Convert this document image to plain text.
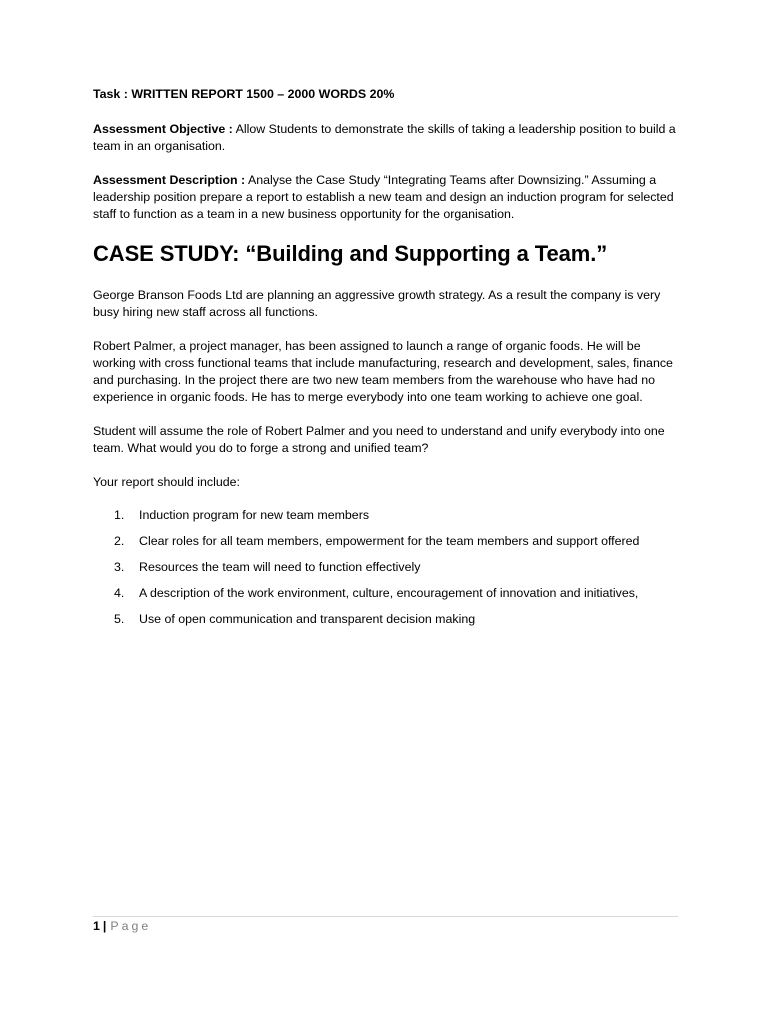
Task : WRITTEN REPORT 1500 – 2000 WORDS 20%

Assessment Objective : Allow Students to demonstrate the skills of taking a leadership position to build a team in an organisation.

Assessment Description : Analyse the Case Study “Integrating Teams after Downsizing.” Assuming a leadership position prepare a report to establish a new team and design an induction program for selected staff to function as a team in a new business opportunity for the organisation.

CASE STUDY: “Building and Supporting a Team.”

George Branson Foods Ltd are planning an aggressive growth strategy. As a result the company is very busy hiring new staff across all functions.

Robert Palmer, a project manager, has been assigned to launch a range of organic foods. He will be working with cross functional teams that include manufacturing, research and development, sales, finance and purchasing. In the project there are two new team members from the warehouse who have had no experience in organic foods. He has to merge everybody into one team working to achieve one goal.

Student will assume the role of Robert Palmer and you need to understand and unify everybody into one team. What would you do to forge a strong and unified team?

Your report should include:

1. Induction program for new team members
2. Clear roles for all team members, empowerment for the team members and support offered
3. Resources the team will need to function effectively
4. A description of the work environment, culture, encouragement of innovation and initiatives,
5. Use of open communication and transparent decision making
1 | Page
